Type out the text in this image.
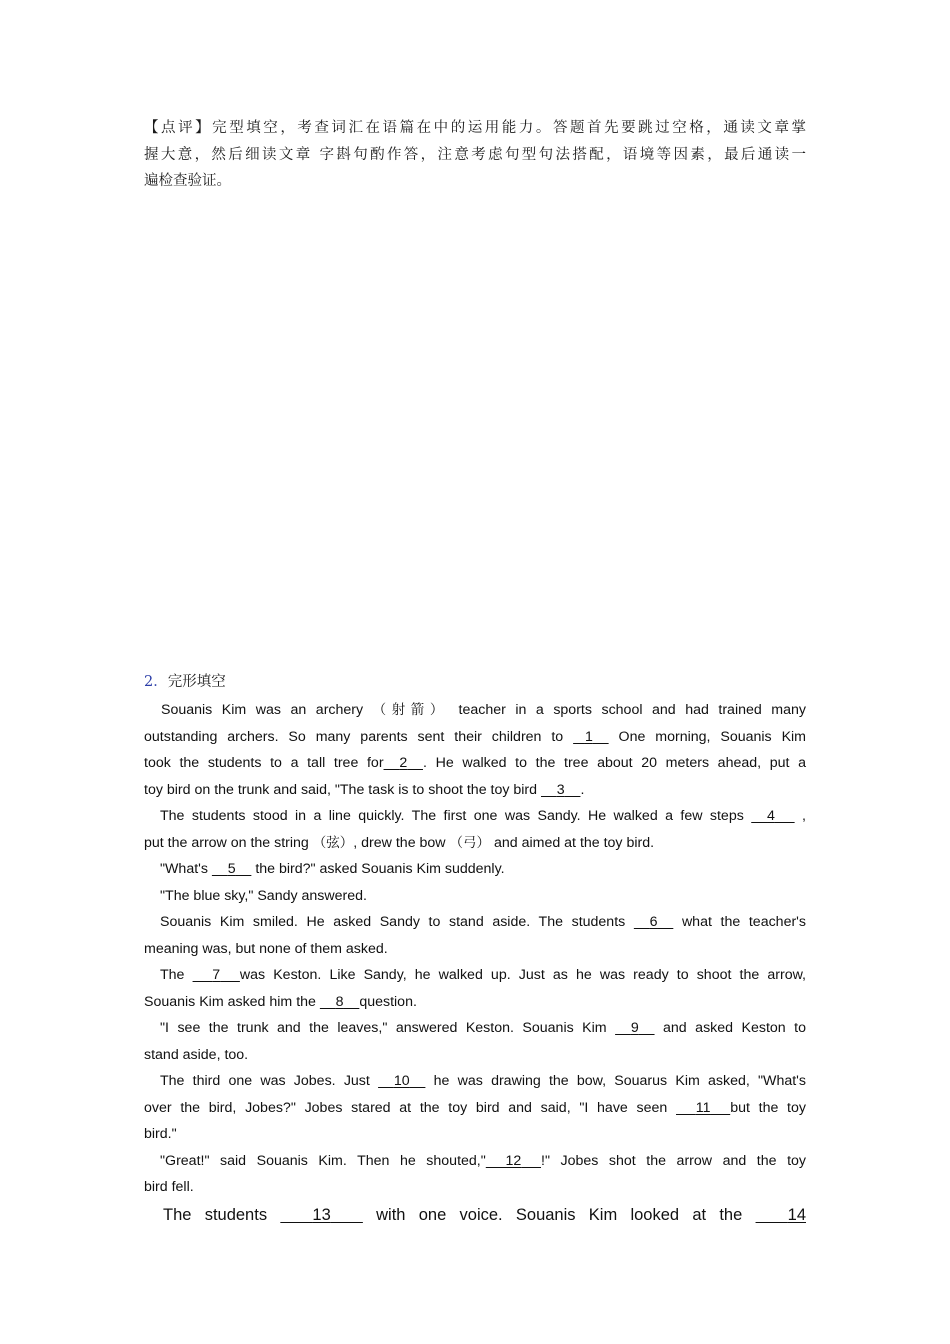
【点评】完型填空，考查词汇在语篇在中的运用能力。答题首先要跳过空格，通读文章掌
握大意，然后细读文章 字斟句酌作答，注意考虑句型句法搭配，语境等因素，最后通读一
遍检查验证。
2．完形填空
Souanis Kim was an archery （射箭） teacher in a sports school and had trained many
outstanding archers. So many parents sent their children to 1 One morning, Souanis Kim
took the students to a tall tree for 2 . He walked to the tree about 20 meters ahead, put a
toy bird on the trunk and said, "The task is to shoot the toy bird 3 .
The students stood in a line quickly. The first one was Sandy. He walked a few steps 4 ,
put the arrow on the string （弦）, drew the bow （弓） and aimed at the toy bird.
"What's 5 the bird?" asked Souanis Kim suddenly.
"The blue sky," Sandy answered.
Souanis Kim smiled. He asked Sandy to stand aside. The students 6 what the teacher's
meaning was, but none of them asked.
The 7 was Keston. Like Sandy, he walked up. Just as he was ready to shoot the arrow,
Souanis Kim asked him the 8 question.
"I see the trunk and the leaves," answered Keston. Souanis Kim 9 and asked Keston to
stand aside, too.
The third one was Jobes. Just 10 he was drawing the bow, Souarus Kim asked, "What's
over the bird, Jobes?" Jobes stared at the toy bird and said, "I have seen 11 but the toy
bird."
"Great!" said Souanis Kim. Then he shouted," 12 !" Jobes shot the arrow and the toy
bird fell.
The students	13	with one voice. Souanis Kim looked at the	14
